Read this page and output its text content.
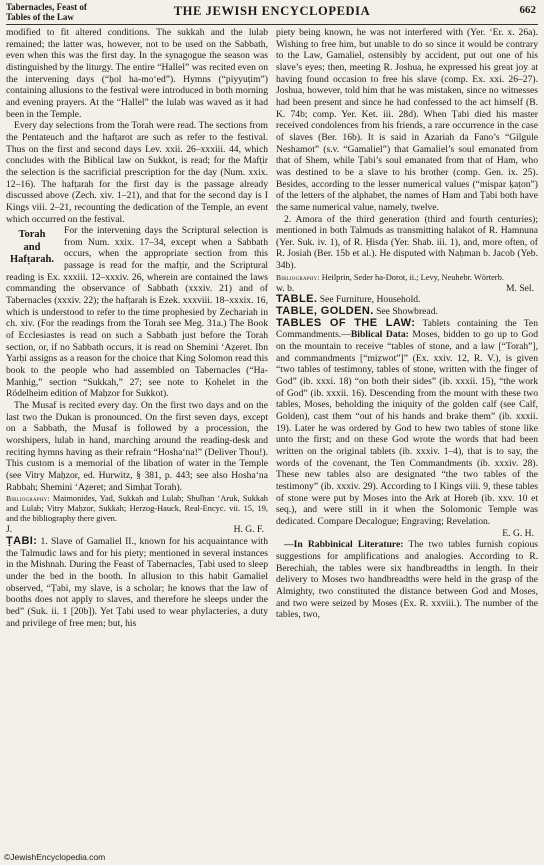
Tabernacles, Feast of
Tables of the Law	THE JEWISH ENCYCLOPEDIA	662

modified to fit altered conditions. The sukkah and the lulab remained; the latter was, however, not to be used on the Sabbath, even when this was the first day. In the synagogue the season was distinguished by the liturgy. The entire “Hallel” was recited even on the intervening days (“ḥol ha-mo‘ed”). Hymns (“piyyuṭim”) containing allusions to the festival were introduced in both morning and evening prayers. At the “Hallel” the lulab was waved as it had been in the Temple.

Every day selections from the Torah were read. The sections from the Pentateuch and the hafṭarot are such as refer to the festival. Thus on the first and second days Lev. xxii. 26–xxxiii. 44, which concludes with the Biblical law on Sukkot, is read; for the Mafṭir the selection is the sacrificial prescription for the day (Num. xxix. 12–16). The hafṭarah for the first day is the passage already discussed above (Zech. xiv. 1–21), and that for the second day is I Kings viii. 2–21, recounting the dedication of the Temple, an event which occurred on the festival.

Torah
and
Hafṭarah.

For the intervening days the Scriptural selection is from Num. xxix. 17–34, except when a Sabbath occurs, when the appropriate section from this passage is read for the mafṭir, and the Scriptural reading is Ex. xxxiii. 12–xxxiv. 26, wherein are contained the laws commanding the observance of Sabbath (xxxiv. 21) and of Tabernacles (xxxiv. 22); the hafṭarah is Ezek. xxxviii. 18–xxxix. 16, which is understood to refer to the time prophesied by Zechariah in ch. xiv. (For the readings from the Torah see Meg. 31a.) The Book of Ecclesiastes is read on such a Sabbath just before the Torah section, or, if no Sabbath occurs, it is read on Shemini ‘Aẓeret. Ibn Yarḥi assigns as a reason for the choice that King Solomon read this book to the people who had assembled on Tabernacles (“Ha-Manhig,” section “Sukkah,” 27; see note to Ḳohelet in the Rödelheim edition of Maḥzor for Sukkot).

The Musaf is recited every day. On the first two days and on the last two the Dukan is pronounced. On the first seven days, except on a Sabbath, the Musaf is followed by a procession, the worshipers, lulab in hand, marching around the reading-desk and reciting hymns having as their refrain “Hosha‘na!” (Deliver Thou!). This custom is a memorial of the libation of water in the Temple (see Vitry Maḥzor, ed. Hurwitz, § 381, p. 443; see also Hosha‘na Rabbah; Shemini ‘Aẓeret; and Simḥat Torah).

Bibliography: Maimonides, Yad, Sukkah and Lulab; Shulḥan ‘Aruk, Sukkah and Lulab; Vitry Maḥzor, Sukkah; Herzog-Hauck, Real-Encyc. vii. 15, 19, and the bibliography there given.
J.	H. G. F.

ṬABI: 1. Slave of Gamaliel II., known for his acquaintance with the Talmudic laws and for his piety; mentioned in several instances in the Mishnah. During the Feast of Tabernacles, Ṭabi used to sleep under the bed in the booth. In allusion to this habit Gamaliel observed, “Ṭabi, my slave, is a scholar; he knows that the law of booths does not apply to slaves, and therefore he sleeps under the bed” (Suk. ii. 1 [20b]). Yet Ṭabi used to wear phylacteries, a duty and privilege of free men; but, his

piety being known, he was not interfered with (Yer. ‘Er. x. 26a). Wishing to free him, but unable to do so since it would be contrary to the Law, Gamaliel, ostensibly by accident, put out one of his slave’s eyes; then, meeting R. Joshua, he expressed his great joy at having found occasion to free his slave (comp. Ex. xxi. 26–27). Joshua, however, told him that he was mistaken, since no witnesses had been present and since he had confessed to the act himself (B. K. 74b; comp. Yer. Ket. iii. 28d). When Ṭabi died his master received condolences from his friends, a rare occurrence in the case of slaves (Ber. 16b). It is said in Azariah da Fano’s “Gilgule Neshamot” (s.v. “Gamaliel”) that Gamaliel’s soul emanated from that of Shem, while Ṭabi’s soul emanated from that of Ham, who was destined to be a slave to his brother (comp. Gen. ix. 25). Besides, according to the lesser numerical values (“mispar ḳaṭon”) of the letters of the alphabet, the names of Ham and Ṭabi both have the same numerical value, namely, twelve.

2. Amora of the third generation (third and fourth centuries); mentioned in both Talmuds as transmitting halakot of R. Hamnuna (Yer. Suk. iv. 1), of R. Ḥisda (Yer. Shab. iii. 1), and, more often, of R. Josiah (Ber. 15b et al.). He disputed with Naḥman b. Jacob (Yeb. 34b).

Bibliography: Heilprin, Seder ha-Dorot, ii.; Levy, Neuhebr. Wörterb.
w. b.	M. Sel.

TABLE. See Furniture, Household.

TABLE, GOLDEN. See Showbread.

TABLES OF THE LAW: Tablets containing the Ten Commandments.—Biblical Data: Moses, bidden to go up to God on the mountain to receive “tables of stone, and a law [“Torah”], and commandments [“miẓwot”]” (Ex. xxiv. 12, R. V.), is given “two tables of testimony, tables of stone, written with the finger of God” (ib. xxxi. 18) “on both their sides” (ib. xxxii. 15), “the work of God” (ib. xxxii. 16). Descending from the mount with these two tables, Moses, beholding the iniquity of the golden calf (see Calf, Golden), cast them “out of his hands and brake them” (ib. xxxii. 19). Later he was ordered by God to hew two tables of stone like unto the first; and on these God wrote the words that had been written on the original tablets (ib. xxxiv. 1–4), that is to say, the words of the covenant, the Ten Commandments (ib. xxxiv. 28). These new tables also are designated “the two tables of the testimony” (ib. xxxiv. 29). According to I Kings viii. 9, these tables of stone were put by Moses into the Ark at Horeb (ib. xxv. 10 et seq.), and were still in it when the Solomonic Temple was dedicated. Compare Decalogue; Engraving; Revelation.

E. G. H.

—In Rabbinical Literature: The two tables furnish copious suggestions for amplifications and analogies. According to R. Berechiah, the tables were six handbreadths in length. In their delivery to Moses two handbreadths were held in the grasp of the Almighty, two constituted the distance between God and Moses, and two were seized by Moses (Ex. R. xxviii.). The number of the tables, two,

©JewishEncyclopedia.com
